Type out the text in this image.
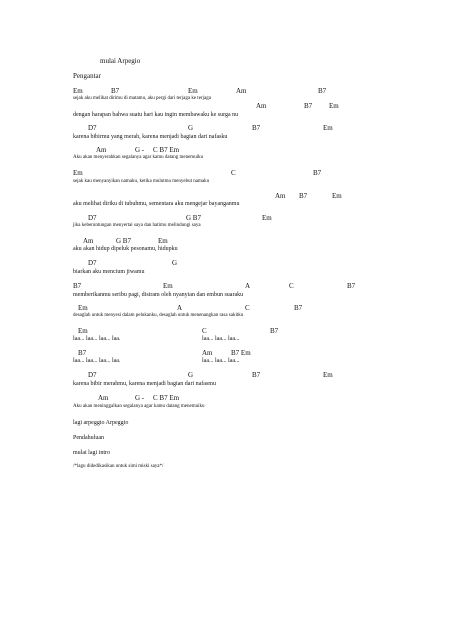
mulai Arpegio
Pengantar
Em	B7	Em	Am	B7
sejak aku melihat dirimu di matamu, aku pergi dari terjaga ke terjaga
Am	B7 Em
dengan harapan bahwa suatu hari kau ingin membawaku ke surga nu
D7	G	B7	Em
karena bibirmu yang merah, karena menjadi bagian dari nafasku
Am	G - C B7 Em
Aku akan menyerahkan segalanya agar kamu datang menemuiku
Em	C	B7
sejak kau menyanyikan namaku, ketika mulutmu menyebut namaku
Am B7	Em
aku melihat diriku di tubuhmu, sementara aku mengejar bayanganmu
D7	G B7	Em
jika keberuntungan menyertai saya dan hatimu melindungi saya
Am	G B7	Em
aku akan hidup dipeluk pesonamu, hidupku
D7	G
biarkan aku mencium jiwamu
B7	Em	A	C	B7
memberikanmu seribu pagi, disiram oleh nyanyian dan embun suaraku
Em	A	C	B7
desaglah untuk menyesi dalam pelukanku, desaglah untuk menenangkan rasa sakitku
Em	C	B7
laa... laa... laa... laa.	laa... laa... laa...
B7	Am	B7 Em
laa... laa... laa... laa.	laa... laa... laa...
D7	G	B7	Em
karena bibir merahmu, karena menjadi bagian dari nafasmu
Am	G - C B7 Em
Aku akan meninggalkan segalanya agar kamu datang menemuiku
lagi arpeggio Arpeggio
Pendahuluan
mulai lagi intro
/*lagu didedikasikan untuk simi miski saya*/
